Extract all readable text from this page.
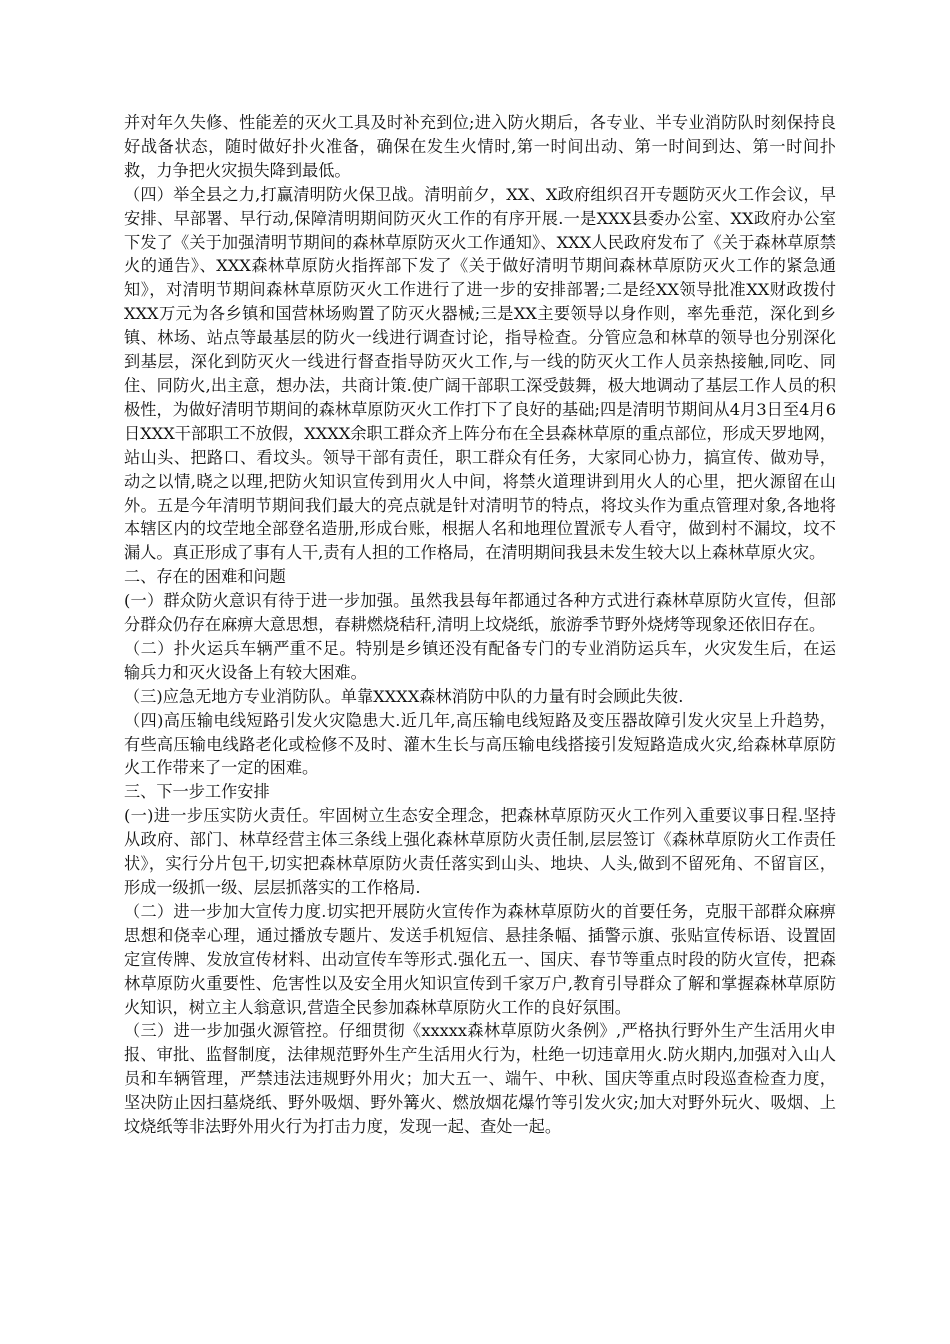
并对年久失修、性能差的灭火工具及时补充到位;进入防火期后，各专业、半专业消防队时刻保持良好战备状态，随时做好扑火准备，确保在发生火情时,第一时间出动、第一时间到达、第一时间扑救，力争把火灾损失降到最低。

（四）举全县之力,打赢清明防火保卫战。清明前夕，XX、X政府组织召开专题防灭火工作会议，早安排、早部署、早行动,保障清明期间防灭火工作的有序开展.一是XXX县委办公室、XX政府办公室下发了《关于加强清明节期间的森林草原防灭火工作通知》、XXX人民政府发布了《关于森林草原禁火的通告》、XXX森林草原防火指挥部下发了《关于做好清明节期间森林草原防灭火工作的紧急通知》，对清明节期间森林草原防灭火工作进行了进一步的安排部署;二是经XX领导批准XX财政拨付XXX万元为各乡镇和国营林场购置了防灭火器械;三是XX主要领导以身作则，率先垂范，深化到乡镇、林场、站点等最基层的防火一线进行调查讨论，指导检查。分管应急和林草的领导也分别深化到基层，深化到防灭火一线进行督查指导防灭火工作,与一线的防灭火工作人员亲热接触,同吃、同住、同防火,出主意，想办法，共商计策.使广阔干部职工深受鼓舞，极大地调动了基层工作人员的积极性，为做好清明节期间的森林草原防灭火工作打下了良好的基础;四是清明节期间从4月3日至4月6日XXX干部职工不放假，XXXX余职工群众齐上阵分布在全县森林草原的重点部位，形成天罗地网，站山头、把路口、看坟头。领导干部有责任，职工群众有任务，大家同心协力，搞宣传、做劝导，动之以情,晓之以理,把防火知识宣传到用火人中间，将禁火道理讲到用火人的心里，把火源留在山外。五是今年清明节期间我们最大的亮点就是针对清明节的特点，将坟头作为重点管理对象,各地将本辖区内的坟茔地全部登名造册,形成台账，根据人名和地理位置派专人看守，做到村不漏坟，坟不漏人。真正形成了事有人干,责有人担的工作格局，在清明期间我县未发生较大以上森林草原火灾。

二、存在的困难和问题

(一）群众防火意识有待于进一步加强。虽然我县每年都通过各种方式进行森林草原防火宣传，但部分群众仍存在麻痹大意思想，春耕燃烧秸秆,清明上坟烧纸，旅游季节野外烧烤等现象还依旧存在。

（二）扑火运兵车辆严重不足。特别是乡镇还没有配备专门的专业消防运兵车，火灾发生后，在运输兵力和灭火设备上有较大困难。

（三)应急无地方专业消防队。单靠XXXX森林消防中队的力量有时会顾此失彼.

（四)高压输电线短路引发火灾隐患大.近几年,高压输电线短路及变压器故障引发火灾呈上升趋势，有些高压输电线路老化或检修不及时、灌木生长与高压输电线搭接引发短路造成火灾,给森林草原防火工作带来了一定的困难。

三、下一步工作安排

(一)进一步压实防火责任。牢固树立生态安全理念，把森林草原防灭火工作列入重要议事日程.坚持从政府、部门、林草经营主体三条线上强化森林草原防火责任制,层层签订《森林草原防火工作责任状》，实行分片包干,切实把森林草原防火责任落实到山头、地块、人头,做到不留死角、不留盲区，形成一级抓一级、层层抓落实的工作格局.

（二）进一步加大宣传力度.切实把开展防火宣传作为森林草原防火的首要任务，克服干部群众麻痹思想和侥幸心理，通过播放专题片、发送手机短信、悬挂条幅、插警示旗、张贴宣传标语、设置固定宣传牌、发放宣传材料、出动宣传车等形式.强化五一、国庆、春节等重点时段的防火宣传，把森林草原防火重要性、危害性以及安全用火知识宣传到千家万户,教育引导群众了解和掌握森林草原防火知识，树立主人翁意识,营造全民参加森林草原防火工作的良好氛围。

（三）进一步加强火源管控。仔细贯彻《xxxxx森林草原防火条例》,严格执行野外生产生活用火申报、审批、监督制度，法律规范野外生产生活用火行为，杜绝一切违章用火.防火期内,加强对入山人员和车辆管理，严禁违法违规野外用火；加大五一、端午、中秋、国庆等重点时段巡查检查力度，坚决防止因扫墓烧纸、野外吸烟、野外篝火、燃放烟花爆竹等引发火灾;加大对野外玩火、吸烟、上坟烧纸等非法野外用火行为打击力度，发现一起、查处一起。
